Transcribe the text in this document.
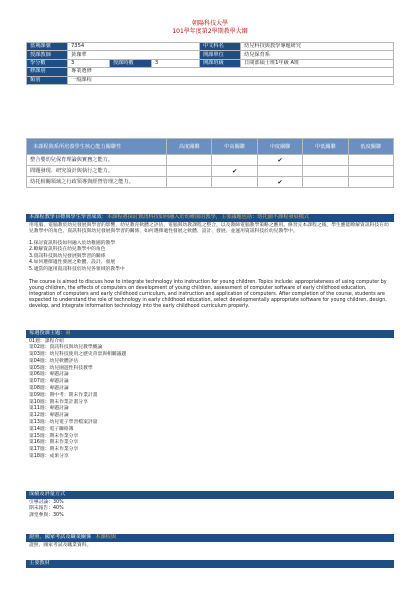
朝陽科技大學
101學年度第2學期教學大綱
當期課號	7354			中文科名	幼兒科技與教學專題研究
授課教師	黃珈華			開課單位	幼兒保育系
學分數	3	授課時數	3	開課班級	日間部碩士班1年級 A班
修課別	專業選修				
類別	一般課程				
本課程與系所培養學生核心能力關聯性	高度關聯	中高關聯	中度關聯	中低關聯	低度關聯
整合嬰幼兒保育理論與實務之能力。			✔		
問題發現、研究設計與執行之能力。		✔			
幼托相關領域之行政領導與經營管理之能力。			✔		
本課程教學目標與學生學習成效：本課程將探討資訊科技如何融入於幼稚園的教學，主要議題包括：幼托園不課程發展模式

用電腦、電腦教於幼兒發展與學習的影響、幼兒教育軟體之評估、電腦與幼教課程之整合，以及教師電腦教學策略之應用。修習完本課程之後，學生應能瞭解資訊科技在幼兒教學中的角色、資訊科技與幼兒發展與學習的關係、如何選擇適性發展之軟體、設計、發展、並運用資訊科技於幼兒教學中。

1.探討資訊科技如何融入於幼稚園的教學

2.瞭解資訊科技在幼兒教學中的角色

3.資訊科技與幼兒發展與學習的關係

4.如何選擇適性發展之軟體、設計、發展

5.適當的運用資訊科技於幼兒各領域的教學中

The course is aimed to discuss how to integrate technology into instruction for young children. Topics include: appropriateness of using computer by young children, the effects of computers on development of young children, assessment of computer software of early childhood education, integration of computers and early childhood curriculum, and instruction and application of computers. After completion of the course, students are expected to understand the role of technology in early childhood education, select developmentally appropriate software for young children, design, develop, and integrate information technology into the early childhood curriculum properly.

每週授課主題：第

01週：課程介紹

第02週：資訊科技與幼兒教學概論

第03週：幼兒科技使用之歷史背景與相關議題

第04週：幼兒軟體評估

第05週：幼兒園遊性科技教學

第06週：專題討論

第07週：專題討論

第08週：專題討論

第09週：期中考：期末作業計畫

第10週：期末作業計畫分享

第11週：專題討論

第12週：專題討論

第13週：幼兒電子學習檔案評量

第14週：電子聯絡簿

第15週：期末作業分享

第16週：期末作業分享

第17週：期末作業分享

第18週：成果分享

成績及評量方式

引導討論：30%

期末報告：40%

課堂參與：30%

證照、國家考試及職業關係 本課程與

證照、國家考試及職業資料。

主要教材
